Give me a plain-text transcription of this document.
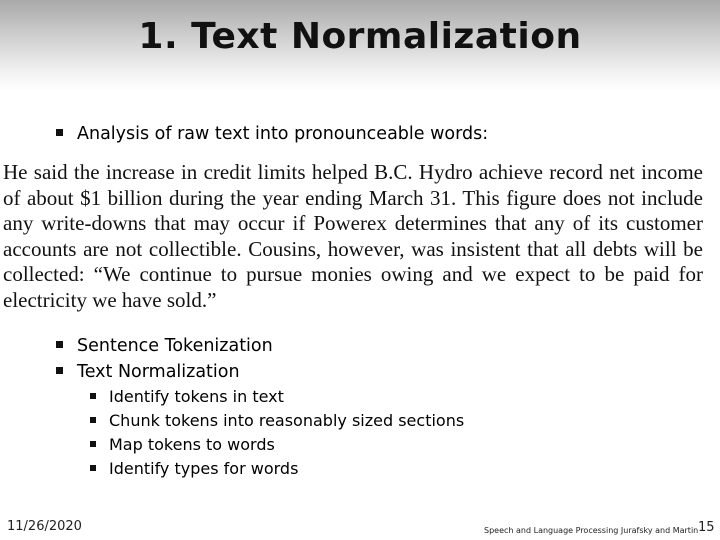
1. Text Normalization
Analysis of raw text into pronounceable words:
He said the increase in credit limits helped B.C. Hydro achieve record net income of about $1 billion during the year ending March 31. This figure does not include any write-downs that may occur if Powerex determines that any of its customer accounts are not collectible. Cousins, however, was insistent that all debts will be collected: “We continue to pursue monies owing and we expect to be paid for electricity we have sold.”
Sentence Tokenization
Text Normalization
Identify tokens in text
Chunk tokens into reasonably sized sections
Map tokens to words
Identify types for words
11/26/2020	Speech and Language Processing Jurafsky and Martin 15
